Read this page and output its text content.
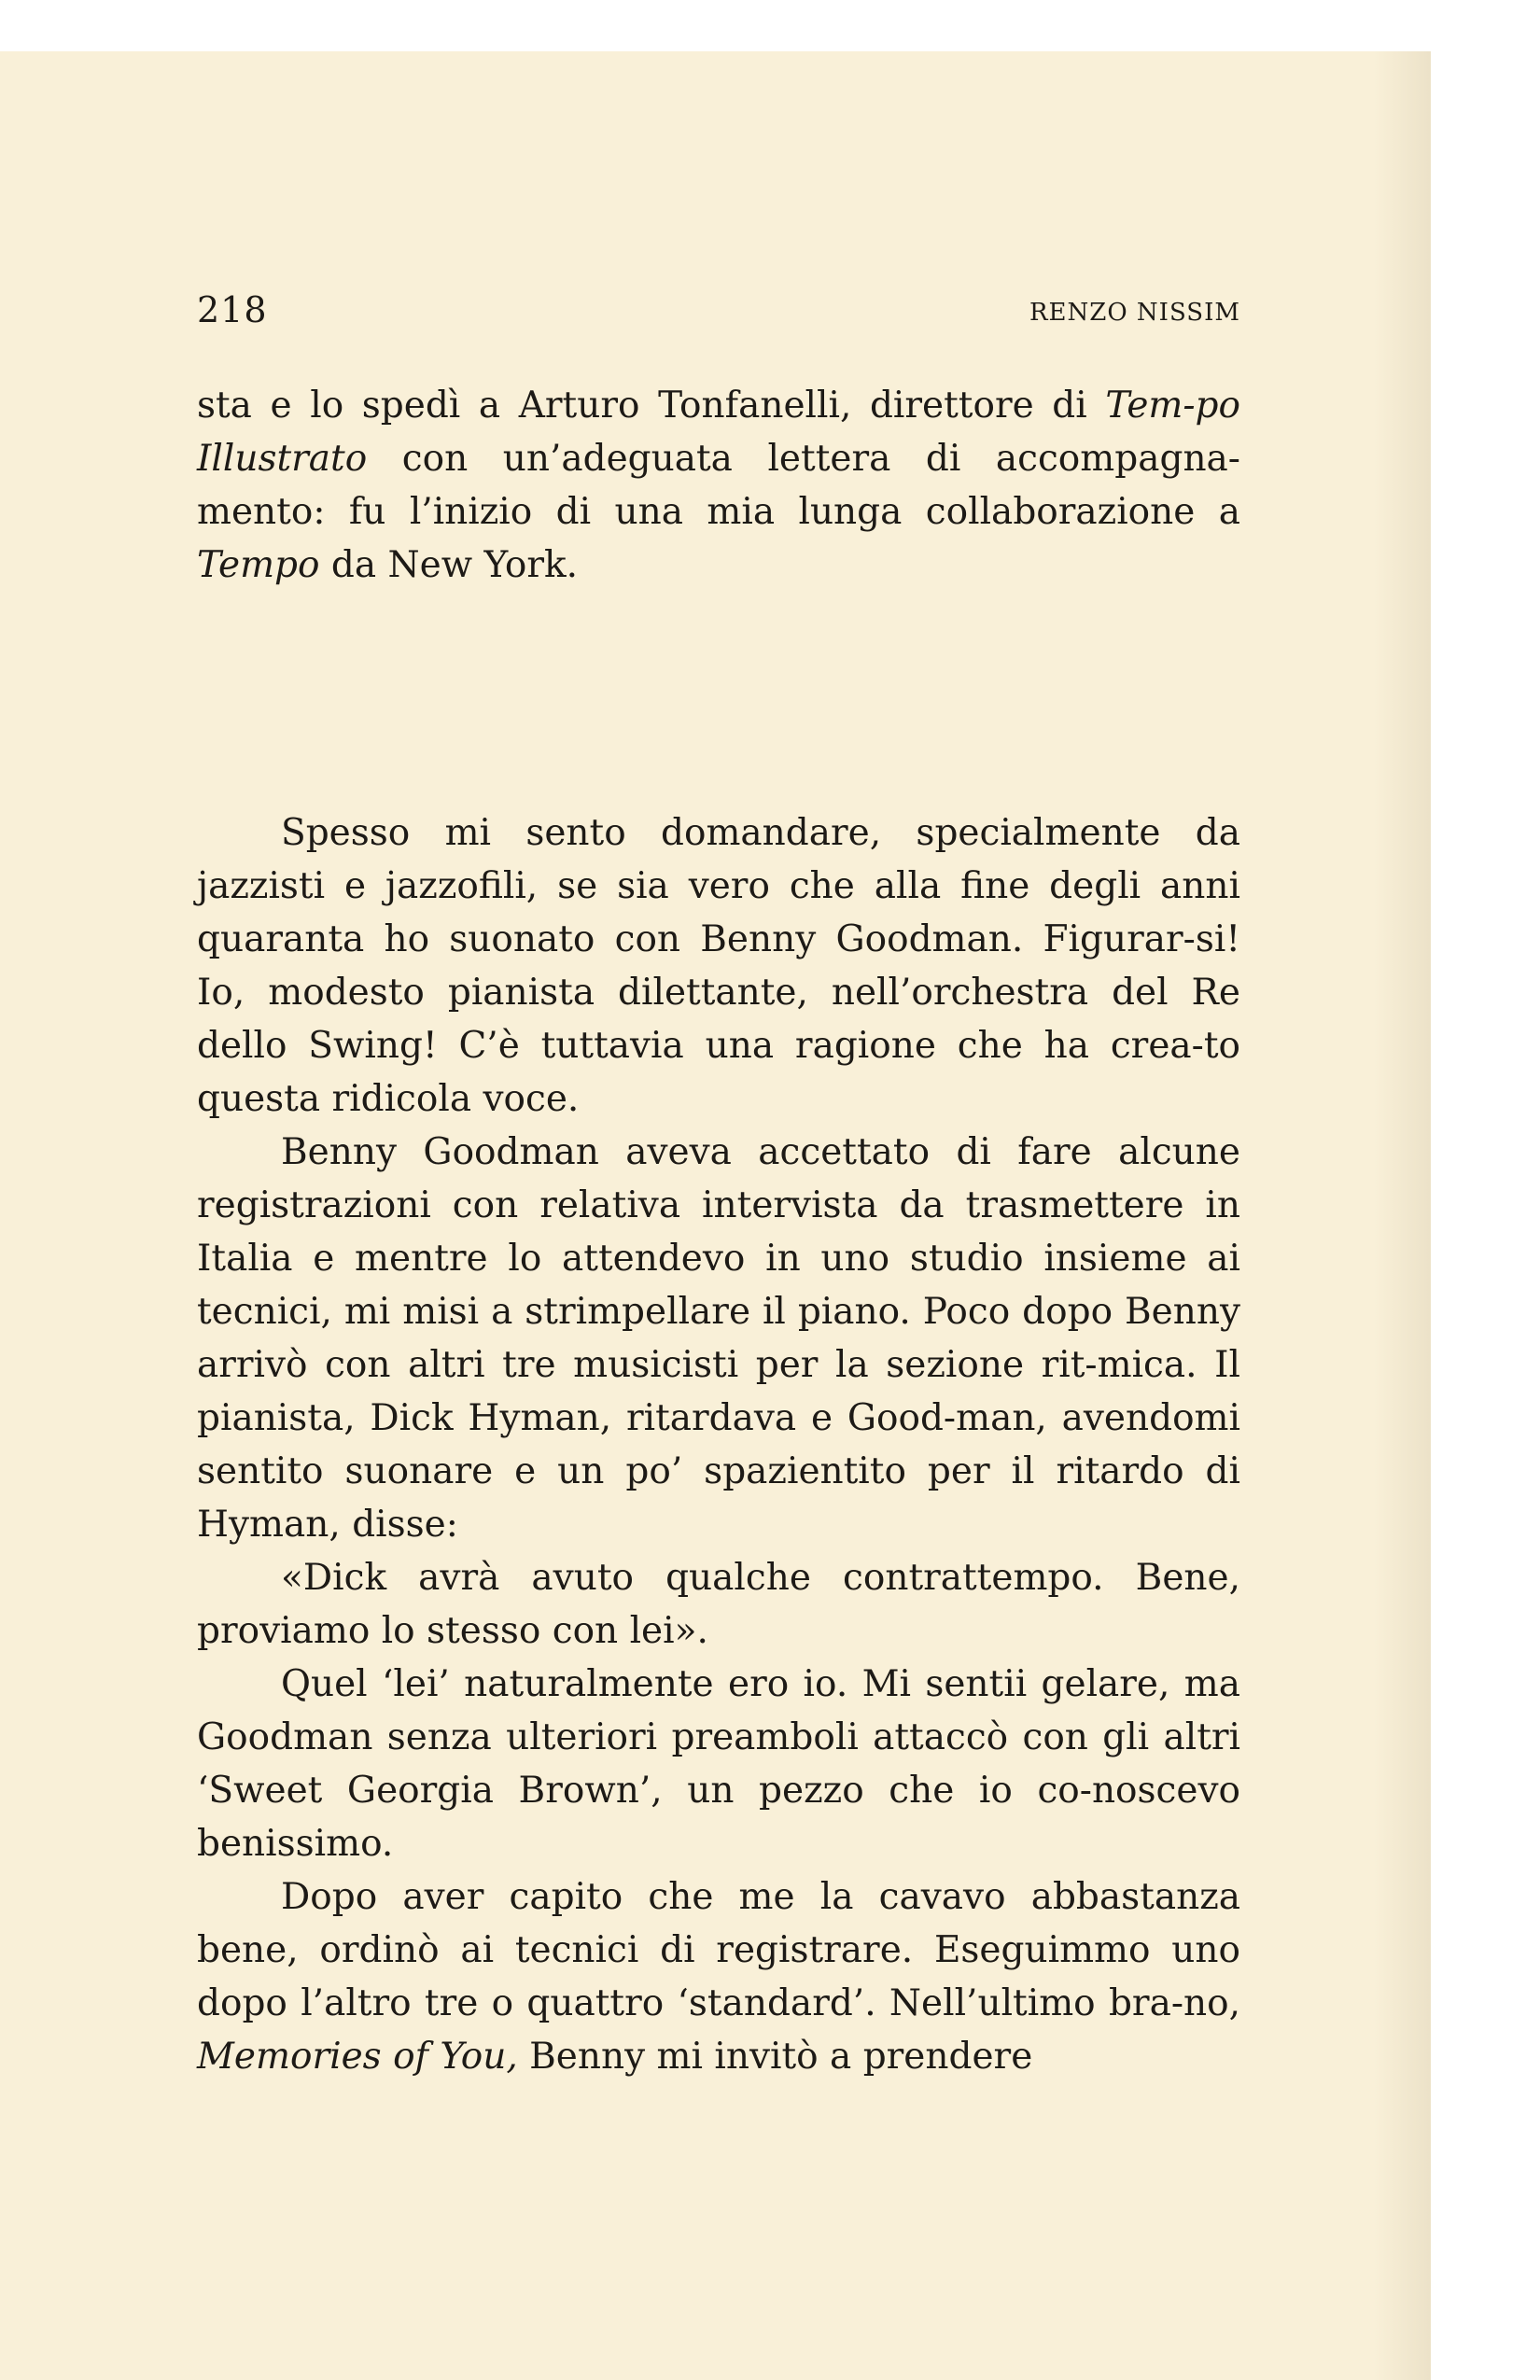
218	RENZO NISSIM

sta e lo spedì a Arturo Tonfanelli, direttore di Tem-po Illustrato con un’adeguata lettera di accompagna-mento: fu l’inizio di una mia lunga collaborazione a Tempo da New York.

Spesso mi sento domandare, specialmente da jazzisti e jazzofili, se sia vero che alla fine degli anni quaranta ho suonato con Benny Goodman. Figurar-si! Io, modesto pianista dilettante, nell’orchestra del Re dello Swing! C’è tuttavia una ragione che ha crea-to questa ridicola voce.

Benny Goodman aveva accettato di fare alcune registrazioni con relativa intervista da trasmettere in Italia e mentre lo attendevo in uno studio insieme ai tecnici, mi misi a strimpellare il piano. Poco dopo Benny arrivò con altri tre musicisti per la sezione rit-mica. Il pianista, Dick Hyman, ritardava e Good-man, avendomi sentito suonare e un po’ spazientito per il ritardo di Hyman, disse:

«Dick avrà avuto qualche contrattempo. Bene, proviamo lo stesso con lei».

Quel ‘lei’ naturalmente ero io. Mi sentii gelare, ma Goodman senza ulteriori preamboli attaccò con gli altri ‘Sweet Georgia Brown’, un pezzo che io co-noscevo benissimo.

Dopo aver capito che me la cavavo abbastanza bene, ordinò ai tecnici di registrare. Eseguimmo uno dopo l’altro tre o quattro ‘standard’. Nell’ultimo bra-no, Memories of You, Benny mi invitò a prendere
